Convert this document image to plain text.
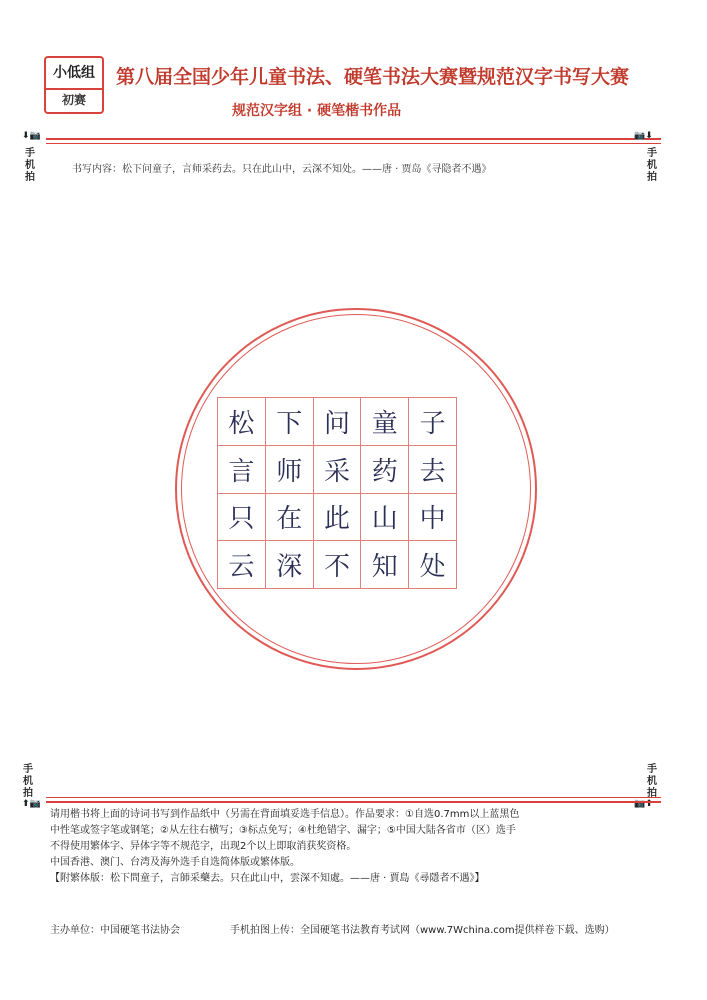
小低组
初赛
第八届全国少年儿童书法、硬笔书法大赛暨规范汉字书写大赛
规范汉字组 · 硬笔楷书作品
⬇📷
手机拍
📷⬇
手机拍
书写内容：松下问童子，言师采药去。只在此山中，云深不知处。——唐 · 贾岛《寻隐者不遇》
松 下 问 童 子
言 师 采 药 去
只 在 此 山 中
云 深 不 知 处
手机拍
⬆📷
手机拍
📷⬆
请用楷书将上面的诗词书写到作品纸中（另需在背面填妥选手信息）。作品要求：①自选0.7mm以上蓝黑色
中性笔或签字笔或钢笔；②从左往右横写；③标点免写；④杜绝错字、漏字；⑤中国大陆各省市（区）选手
不得使用繁体字、异体字等不规范字，出现2个以上即取消获奖资格。
中国香港、澳门、台湾及海外选手自选简体版或繁体版。
【附繁体版：松下問童子，言師采藥去。只在此山中，雲深不知處。——唐 · 賈島《尋隱者不遇》】
主办单位：中国硬笔书法协会	手机拍图上传：全国硬笔书法教育考试网（www.7Wchina.com提供样卷下载、选购）
